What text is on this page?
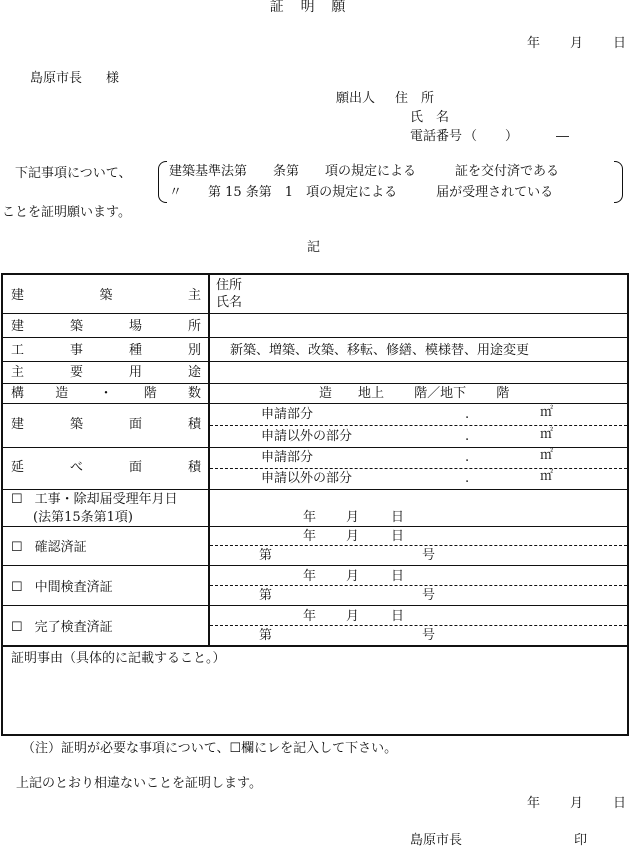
証明願
年 月 日
島原市長 様
願出人 住　所
氏　名
電話番号 （ ）	―
下記事項について、	建築基準法第　　条第　　項の規定による　　　証を交付済である
〃　　第 15 条第　1　項の規定による　　　届が受理されている
ことを証明願います。
記
建	築	主
住所
氏名
建	築	場	所
工	事	種	別 新築、増築、改築、移転、修繕、模様替、用途変更
主	要	用	途
構 造 ・ 階 数	造　　地上　　 階／地下　　 階
建	築	面	積
申請部分	.	㎡
申請以外の部分	.	㎡
延	べ	面	積
申請部分	.	㎡
申請以外の部分	.	㎡
☐ 工事・除却届受理年月日
(法第15条第1項)	年 月 日
☐ 確認済証
年 月 日
第	号
☐ 中間検査済証
年 月 日
第	号
☐ 完了検査済証
年 月 日
第	号
証明事由（具体的に記載すること。）
（注）証明が必要な事項について、☐欄にレを記入して下さい。
上記のとおり相違ないことを証明します。
年 月 日
島原市長	印
